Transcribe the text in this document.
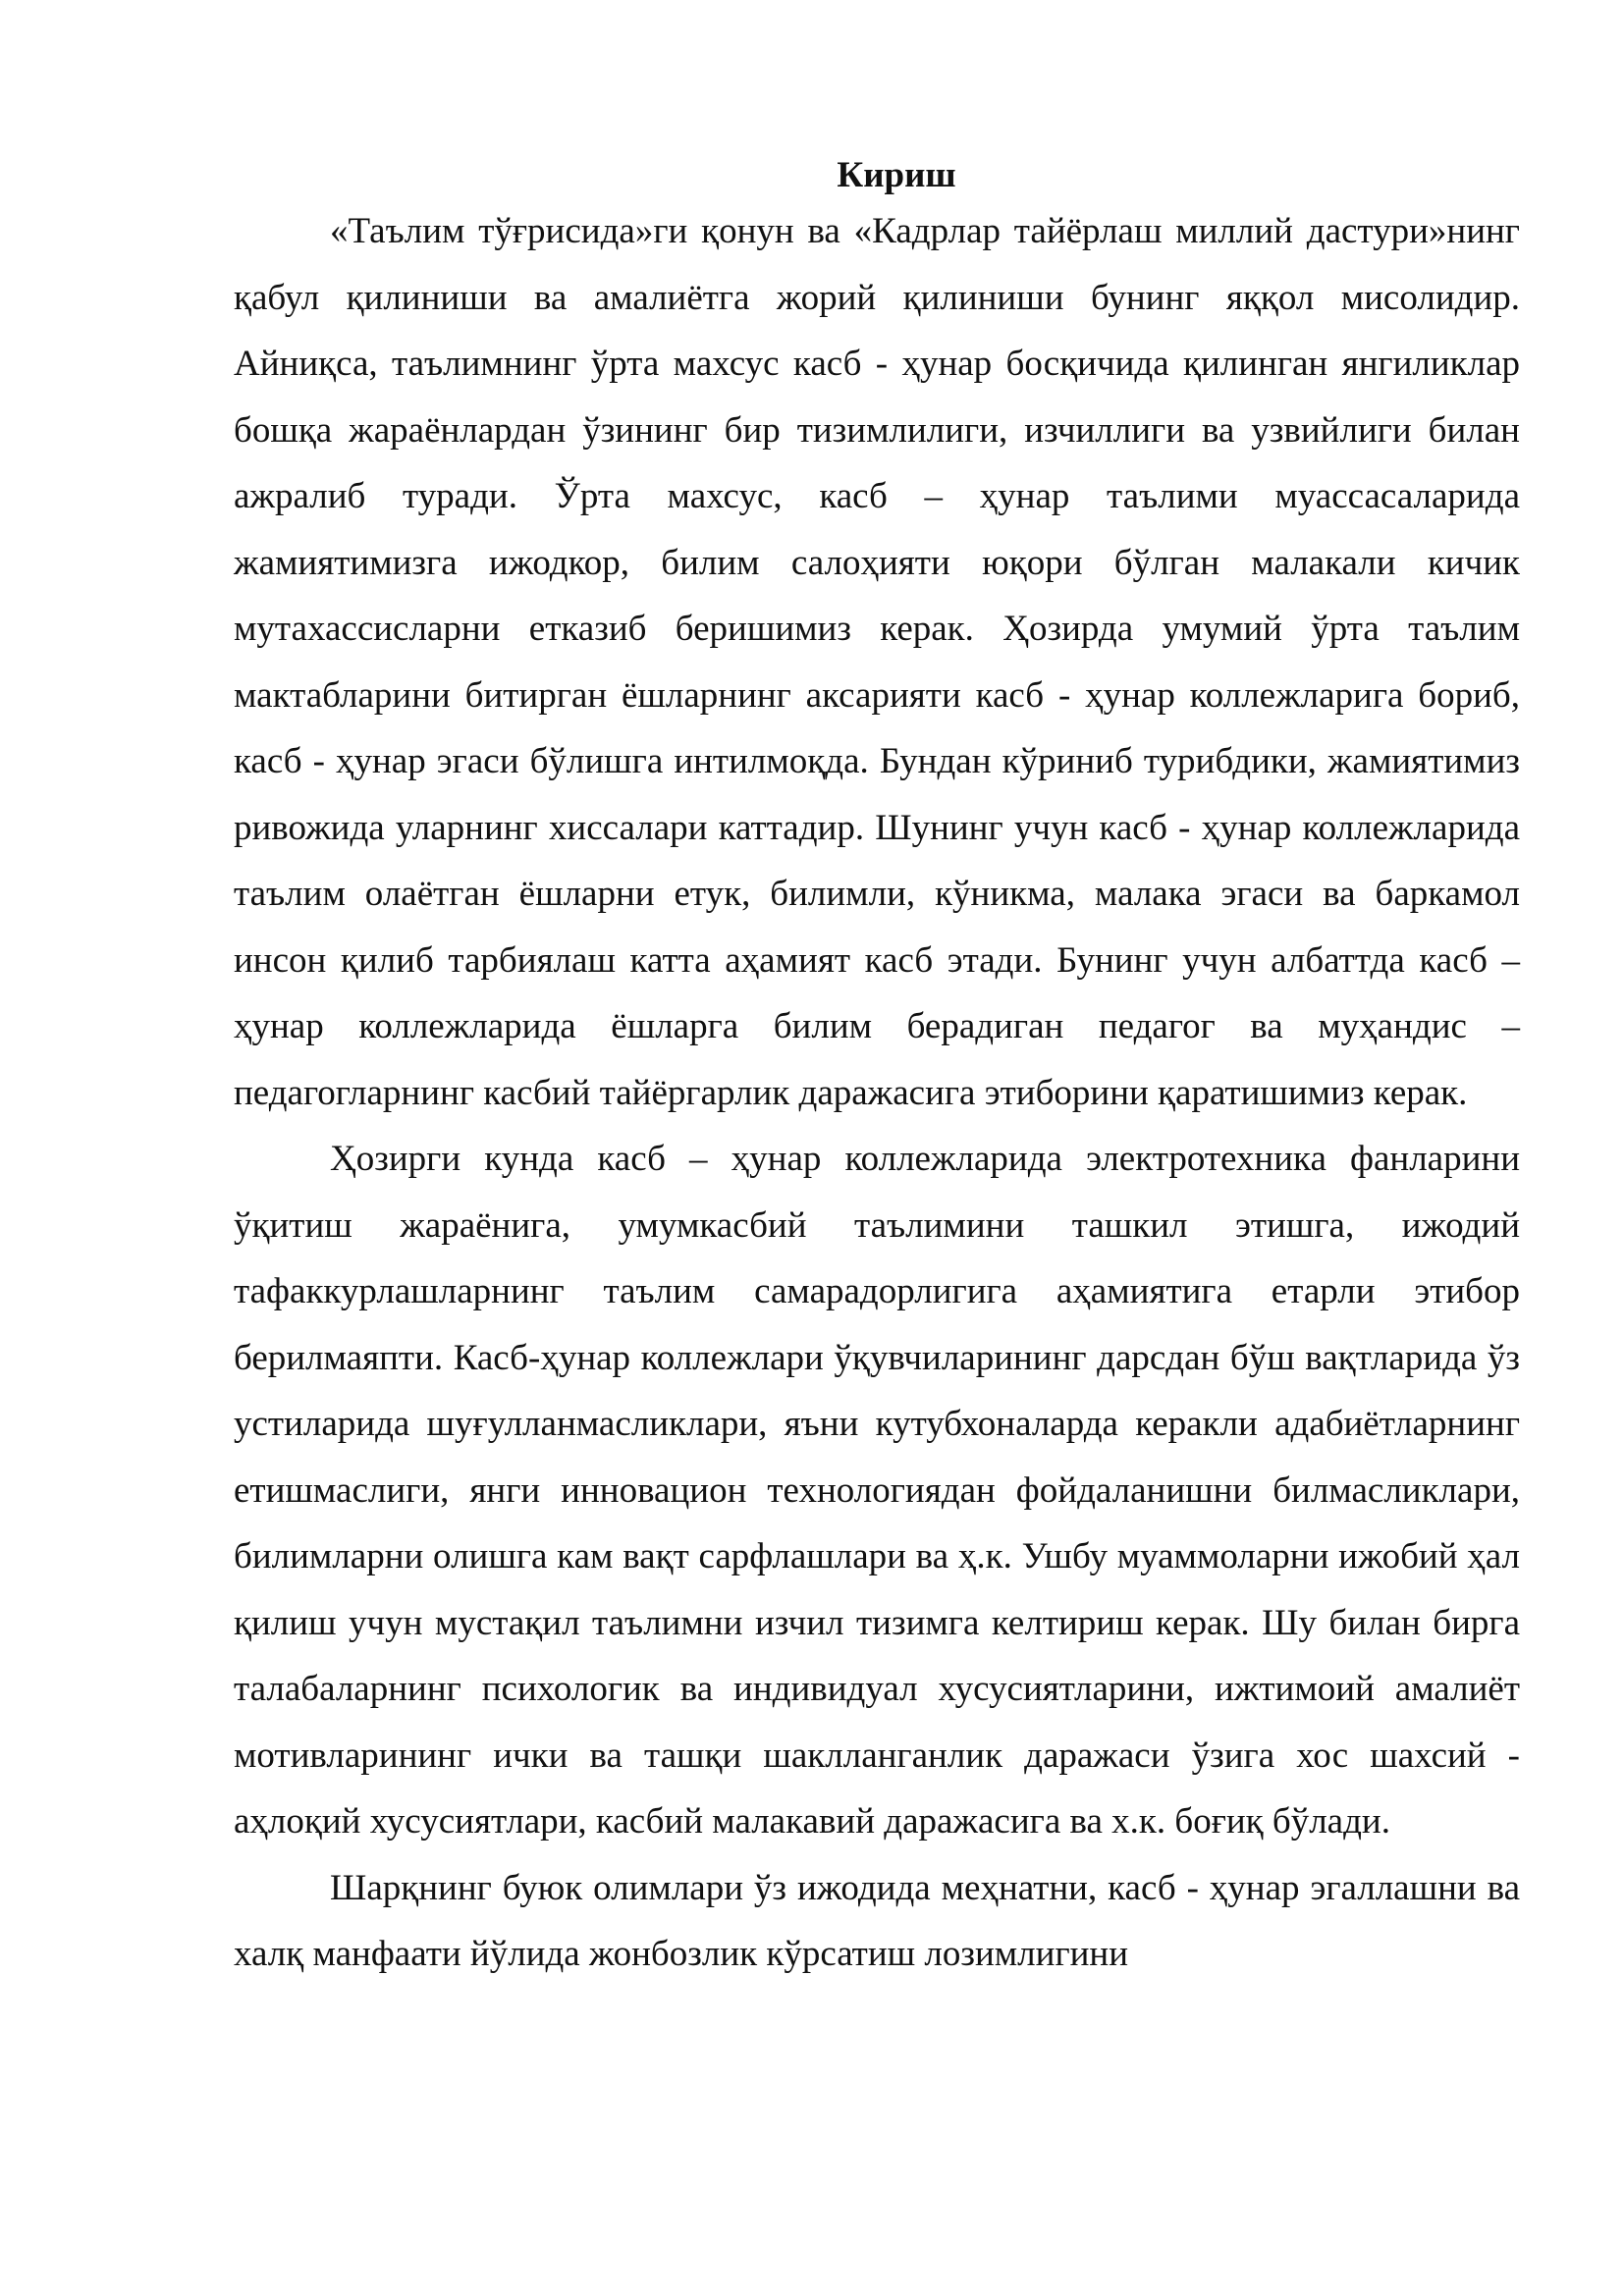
Кириш

«Таълим тўғрисида»ги қонун ва «Кадрлар тайёрлаш миллий дастури»нинг қабул қилиниши ва амалиётга жорий қилиниши бунинг яққол мисолидир. Айниқса, таълимнинг ўрта махсус касб - ҳунар босқичида қилинган янгиликлар бошқа жараёнлардан ўзининг бир тизимлилиги, изчиллиги ва узвийлиги билан ажралиб туради. Ўрта махсус, касб – ҳунар таълими муассасаларида жамиятимизга ижодкор, билим салоҳияти юқори бўлган малакали кичик мутахассисларни етказиб беришимиз керак. Ҳозирда умумий ўрта таълим мактабларини битирган ёшларнинг аксарияти касб - ҳунар коллежларига бориб, касб - ҳунар эгаси бўлишга интилмоқда. Бундан кўриниб турибдики, жамиятимиз ривожида уларнинг хиссалари каттадир. Шунинг учун касб - ҳунар коллежларида таълим олаётган ёшларни етук, билимли, кўникма, малака эгаси ва баркамол инсон қилиб тарбиялаш катта аҳамият касб этади. Бунинг учун албаттда касб – ҳунар коллежларида ёшларга билим берадиган педагог ва муҳандис – педагогларнинг касбий тайёргарлик даражасига этиборини қаратишимиз керак.

Ҳозирги кунда касб – ҳунар коллежларида электротехника фанларини ўқитиш жараёнига, умумкасбий таълимини ташкил этишга, ижодий тафаккурлашларнинг таълим самарадорлигига аҳамиятига етарли этибор берилмаяпти. Касб-ҳунар коллежлари ўқувчиларининг дарсдан бўш вақтларида ўз устиларида шуғулланмасликлари, яъни кутубхоналарда керакли адабиётларнинг етишмаслиги, янги инновацион технологиядан фойдаланишни билмасликлари, билимларни олишга кам вақт сарфлашлари ва ҳ.к. Ушбу муаммоларни ижобий ҳал қилиш учун мустақил таълимни изчил тизимга келтириш керак. Шу билан бирга талабаларнинг психологик ва индивидуал хусусиятларини, ижтимоий амалиёт мотивларининг ички ва ташқи шаклланганлик даражаси ўзига хос шахсий - аҳлоқий хусусиятлари, касбий малакавий даражасига ва х.к. боғиқ бўлади.

Шарқнинг буюк олимлари ўз ижодида меҳнатни, касб - ҳунар эгаллашни ва халқ манфаати йўлида жонбозлик кўрсатиш лозимлигини
